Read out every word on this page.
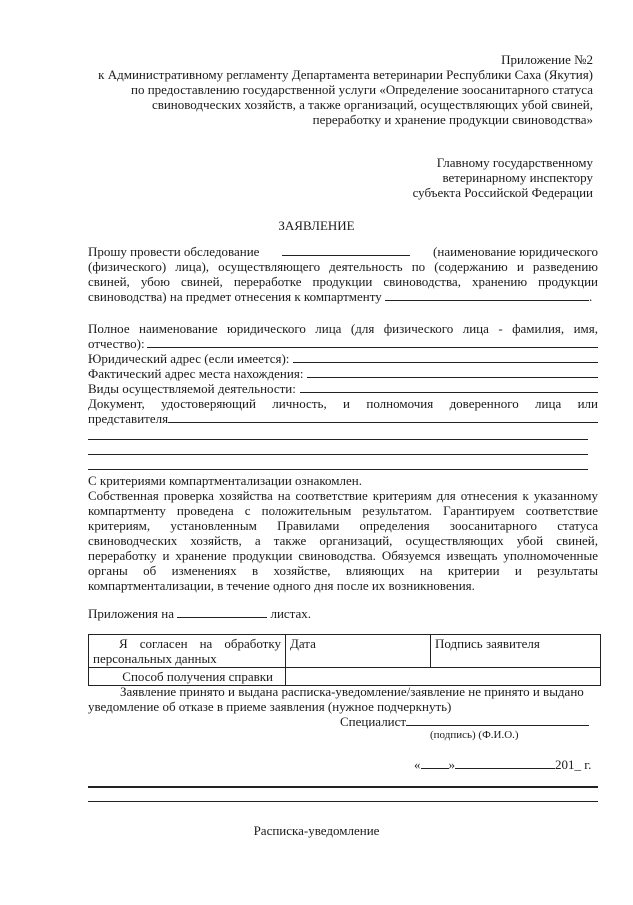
Приложение №2
к Административному регламенту Департамента ветеринарии Республики Саха (Якутия)
по предоставлению государственной услуги «Определение зоосанитарного статуса
свиноводческих хозяйств, а также организаций, осуществляющих убой свиней,
переработку и хранение продукции свиноводства»
Главному государственному
ветеринарному инспектору
субъекта Российской Федерации
ЗАЯВЛЕНИЕ
Прошу провести обследование	(наименование юридического
(физического) лица), осуществляющего деятельность по (содержанию и разведению
свиней, убою свиней, переработке продукции свиноводства, хранению продукции
свиноводства) на предмет отнесения к компартменту	.
Полное наименование юридического лица (для физического лица - фамилия, имя,
отчество):
Юридический адрес (если имеется):
Фактический адрес места нахождения:
Виды осуществляемой деятельности:
Документ, удостоверяющий личность, и полномочия доверенного лица или
представителя
С критериями компартментализации ознакомлен.
Собственная проверка хозяйства на соответствие критериям для отнесения к указанному
компартменту проведена с положительным результатом. Гарантируем соответствие
критериям, установленным Правилами определения зоосанитарного статуса
свиноводческих хозяйств, а также организаций, осуществляющих убой свиней,
переработку и хранение продукции свиноводства. Обязуемся извещать уполномоченные
органы об изменениях в хозяйстве, влияющих на критерии и результаты
компартментализации, в течение одного дня после их возникновения.
Приложения на	листах.
Я согласен на обработку
персональных данных	Дата	Подпись заявителя
Способ получения справки		
Заявление принято и выдана расписка-уведомление/заявление не принято и выдано
уведомление об отказе в приеме заявления (нужное подчеркнуть)
Специалист
(подпись) (Ф.И.О.)
« »	201_ г.
Расписка-уведомление
